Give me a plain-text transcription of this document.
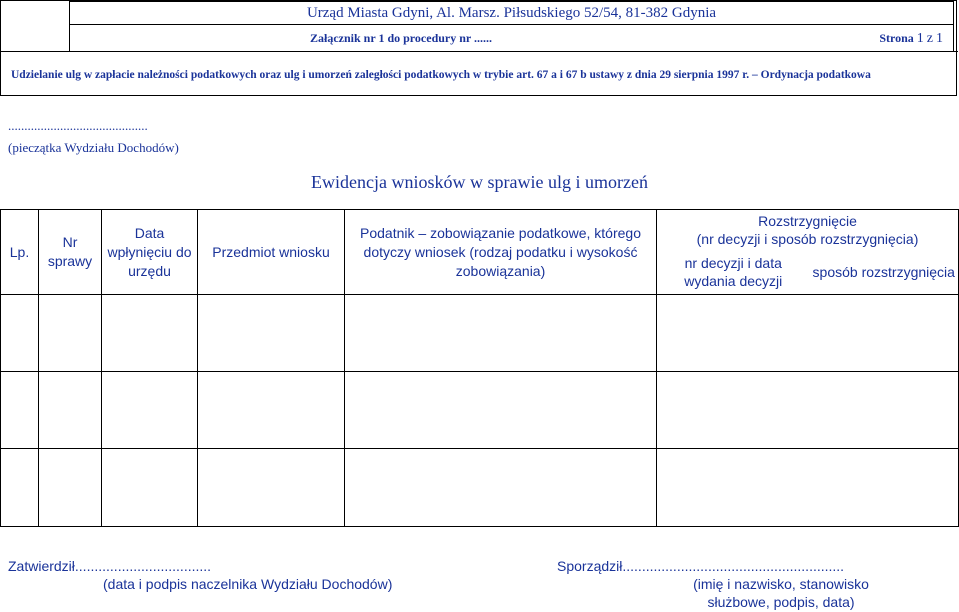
Urząd Miasta Gdyni, Al. Marsz. Piłsudskiego 52/54, 81-382 Gdynia
Załącznik nr 1 do procedury nr ......	Strona 1 z 1
Udzielanie ulg w zapłacie należności podatkowych oraz ulg i umorzeń zaległości podatkowych w trybie art. 67 a i 67 b ustawy z dnia 29 sierpnia 1997 r. – Ordynacja podatkowa
...........................................
(pieczątka Wydziału Dochodów)
Ewidencja wniosków w sprawie ulg i umorzeń
Lp.	Nr sprawy	Data wpłynięciu do urzędu	Przedmiot wniosku	Podatnik – zobowiązanie podatkowe, którego dotyczy wniosek (rodzaj podatku i wysokość zobowiązania)	Rozstrzygnięcie
(nr decyzji i sposób rozstrzygnięcia)	

					nr decyzji i data wydania decyzji	sposób rozstrzygnięcia

Zatwierdził...................................
(data i podpis naczelnika Wydziału Dochodów)
Sporządził.........................................................
(imię i nazwisko, stanowisko służbowe, podpis, data)
